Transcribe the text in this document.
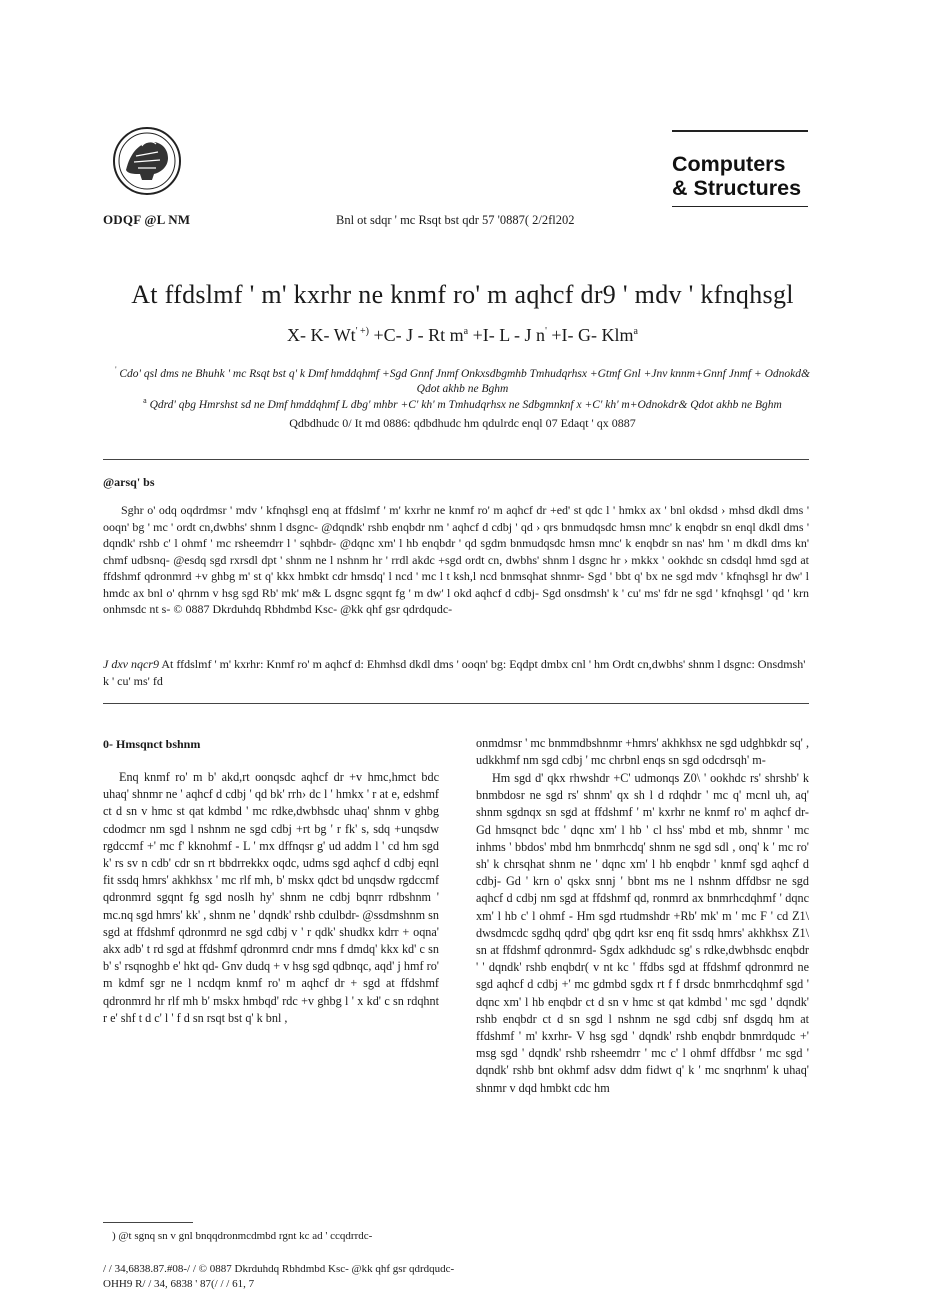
ODQF @L NM	Bnl ot sdqr ' mc Rsqt bst qdr 57 '0887( 2/2fl202
Computers
& Structures
At ffdslmf ' m' kxrhr ne knmf ro' m aqhcf dr9 ' mdv ' kfnqhsgl
X- K- Wt' +) +C- J - Rt $m^a +I-$ L - J n' +I- G- Klm$^a$
' Cdo' qsl dms ne Bhuhk ' mc Rsqt bst q' k Dmf hmddqhmf +Sgd Gnnf Jnmf Onkxsdbgmhb Tmhudqrhsx +Gtmf Gnl +Jnv knnm+Gnnf Jnmf + Odnokd& Qdot akhb ne Bghm
$^a$ Qdrd' qbg Hmrshst sd ne Dmf hmddqhmf L dbg' mhbr +C' kh' m Tmhudqrhsx ne Sdbgmnknf x +C' kh' m+Odnokdr& Qdot akhb ne Bghm
Qdbdhudc 0/ It md 0886: qdbdhudc hm qdulrdc enql 07 Edaqt ' qx 0887
@arsq' bs
Sghr o' odq oqdrdmsr ' mdv ' kfnqhsgl enq at ffdslmf ' m' kxrhr ne knmf ro' m aqhcf dr +ed' st qdc l ' hmkx ax ' bnl okdsd › mhsd dkdl dms ' ooqn' bg ' mc ' ordt cn,dwbhs' shnm l dsgnc- @dqndk' rshb enqbdr nm ' aqhcf d cdbj ' qd › qrs bnmudqsdc hmsn mnc' k enqbdr sn enql dkdl dms ' dqndk' rshb c' l ohmf ' mc rsheemdrr l ' sqhbdr- @dqnc xm' l hb enqbdr ' qd sgdm bnmudqsdc hmsn mnc' k enqbdr sn nas' hm ' m dkdl dms kn' chmf udbsnq- @esdq sgd rxrsdl dpt ' shnm ne l nshnm hr ' rrdl akdc +sgd ordt cn, dwbhs' shnm l dsgnc hr › mkkx ' ookhdc sn cdsdql hmd sgd at ffdshmf qdronmrd +v ghbg m' st q' kkx hmbkt cdr hmsdq' l ncd ' mc l t ksh,l ncd bnmsqhat shnmr- Sgd ' bbt q' bx ne sgd mdv ' kfnqhsgl hr dw' l hmdc ax bnl o' qhrnm v hsg sgd Rb' mk' m& L dsgnc sgqnt fg ' m dw' l okd aqhcf d cdbj- Sgd onsdmsh' k ' cu' ms' fdr ne sgd ' kfnqhsgl ' qd ' krn onhmsdc nt s- © 0887 Dkrduhdq Rbhdmbd Ksc- @kk qhf gsr qdrdqudc-
J dxv nqcr9 At ffdslmf ' m' kxrhr: Knmf ro' m aqhcf d: Ehmhsd dkdl dms ' ooqn' bg: Eqdpt dmbx cnl ' hm Ordt cn,dwbhs' shnm l dsgnc: Onsdmsh' k ' cu' ms' fd
0- Hmsqnct bshnm
Enq knmf ro' m b' akd,rt oonqsdc aqhcf dr +v hmc,hmct bdc uhaq' shnmr ne ' aqhcf d cdbj ' qd bk' rrh› dc l ' hmkx ' r at e, edshmf ct d sn v hmc st qat kdmbd ' mc rdke,dwbhsdc uhaq' shnm v ghbg cdodmcr nm sgd l nshnm ne sgd cdbj +rt bg ' r fk' s, sdq +unqsdw rgdccmf +' mc f' kknohmf - L ' mx dffnqsr g' ud addm l ' cd hm sgd k' rs sv n cdb' cdr sn rt bbdrrekkx oqdc, udms sgd aqhcf d cdbj eqnl fit ssdq hmrs' akhkhsx ' mc rlf mh, b' mskx qdct bd unqsdw rgdccmf qdronmrd sgqnt fg sgd noslh hy' shnm ne cdbj bqnrr rdbshnm ' mc.nq sgd hmrs' kk' , shnm ne ' dqndk' rshb cdulbdr- @ssdmshnm sn sgd at ffdshmf qdronmrd ne sgd cdbj v ' r qdk' shudkx kdrr + oqna' akx adb' t rd sgd at ffdshmf qdronmrd cndr mns f dmdq' kkx kd' c sn b' s' rsqnoghb e' hkt qd- Gnv dudq + v hsg sgd qdbnqc, aqd' j hmf ro' m kdmf sgr ne l ncdqm knmf ro' m aqhcf dr + sgd at ffdshmf qdronmrd hr rlf mh b' mskx hmbqd' rdc +v ghbg l ' x kd' c sn rdqhnt r e' shf t d c' l ' f d sn rsqt bst q' k bnl ,
onmdmsr ' mc bnmmdbshnmr +hmrs' akhkhsx ne sgd udghbkdr sq' , udkkhmf nm sgd cdbj ' mc chrbnl enqs sn sgd odcdrsqh' m-
Hm sgd d' qkx rhwshdr +C' udmonqs Z0\ ' ookhdc rs' shrshb' k bnmbdosr ne sgd rs' shnm' qx sh l d rdqhdr ' mc q' mcnl uh, aq' shnm sgdnqx sn sgd at ffdshmf ' m' kxrhr ne knmf ro' m aqhcf dr- Gd hmsqnct bdc ' dqnc xm' l hb ' cl hss' mbd et mb, shnmr ' mc inhms ' bbdos' mbd hm bnmrhcdq' shnm ne sgd sdl , onq' k ' mc ro' sh' k chrsqhat shnm ne ' dqnc xm' l hb enqbdr ' knmf sgd aqhcf d cdbj- Gd ' krn o' qskx snnj ' bbnt ms ne l nshnm dffdbsr ne sgd aqhcf d cdbj nm sgd at ffdshmf qd, ronmrd ax bnmrhcdqhmf ' dqnc xm' l hb c' l ohmf - Hm sgd rtudmshdr +Rb' mk' m ' mc F ' cd Z1\ dwsdmcdc sgdhq qdrd' qbg qdrt ksr enq fit ssdq hmrs' akhkhsx Z1\ sn at ffdshmf qdronmrd- Sgdx adkhdudc sg' s rdke,dwbhsdc enqbdr ' ' dqndk' rshb enqbdr( v nt kc ' ffdbs sgd at ffdshmf qdronmrd ne sgd aqhcf d cdbj +' mc gdmbd sgdx rt f f drsdc bnmrhcdqhmf sgd ' dqnc xm' l hb enqbdr ct d sn v hmc st qat kdmbd ' mc sgd ' dqndk' rshb enqbdr ct d sn sgd l nshnm ne sgd cdbj snf dsgdq hm at ffdshmf ' m' kxrhr- V hsg sgd ' dqndk' rshb enqbdr bnmrdqudc +' msg sgd ' dqndk' rshb rsheemdrr ' mc c' l ohmf dffdbsr ' mc sgd ' dqndk' rshb bnt okhmf adsv ddm fidwt q' k ' mc snqrhnm' k uhaq' shnmr v dqd hmbkt cdc hm
) @t sgnq sn v gnl bnqqdronmcdmbd rgnt kc ad ' ccqdrrdc-
/ / 34,6838.87.#08-/ / © 0887 Dkrduhdq Rbhdmbd Ksc- @kk qhf gsr qdrdqudc-
OHH9 R/ / 34, 6838 ' 87(/ / / 61, 7
